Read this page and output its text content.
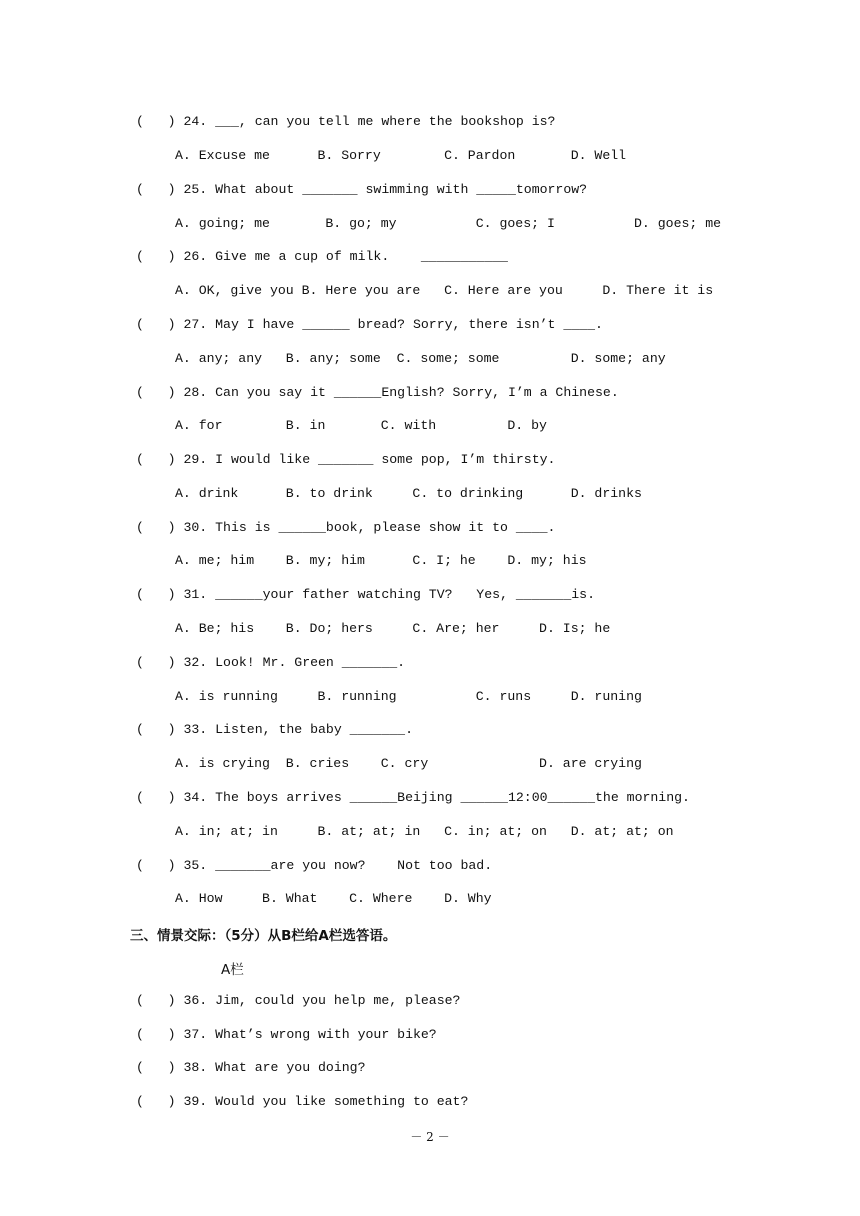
(   ) 24. ___, can you tell me where the bookshop is?
A. Excuse me      B. Sorry        C. Pardon       D. Well
(   ) 25. What about _______ swimming with _____tomorrow?
A. going; me       B. go; my          C. goes; I          D. goes; me
(   ) 26. Give me a cup of milk.    ___________
A. OK, give you B. Here you are   C. Here are you     D. There it is
(   ) 27. May I have ______ bread? Sorry, there isn’t ____.
A. any; any   B. any; some  C. some; some         D. some; any
(   ) 28. Can you say it ______English? Sorry, I’m a Chinese.
A. for        B. in       C. with         D. by
(   ) 29. I would like _______ some pop, I’m thirsty.
A. drink      B. to drink     C. to drinking      D. drinks
(   ) 30. This is ______book, please show it to ____.
A. me; him    B. my; him      C. I; he    D. my; his
(   ) 31. ______your father watching TV?   Yes, _______is.
A. Be; his    B. Do; hers     C. Are; her     D. Is; he
(   ) 32. Look! Mr. Green _______.
A. is running     B. running          C. runs     D. runing
(   ) 33. Listen, the baby _______.
A. is crying  B. cries    C. cry              D. are crying
(   ) 34. The boys arrives ______Beijing ______12:00______the morning.
A. in; at; in     B. at; at; in   C. in; at; on   D. at; at; on
(   ) 35. _______are you now?    Not too bad.
A. How     B. What    C. Where    D. Why
三、情景交际：（5分）从B栏给A栏选答语。
A栏
(   ) 36. Jim, could you help me, please?
(   ) 37. What’s wrong with your bike?
(   ) 38. What are you doing?
(   ) 39. Would you like something to eat?
－ 2 －
